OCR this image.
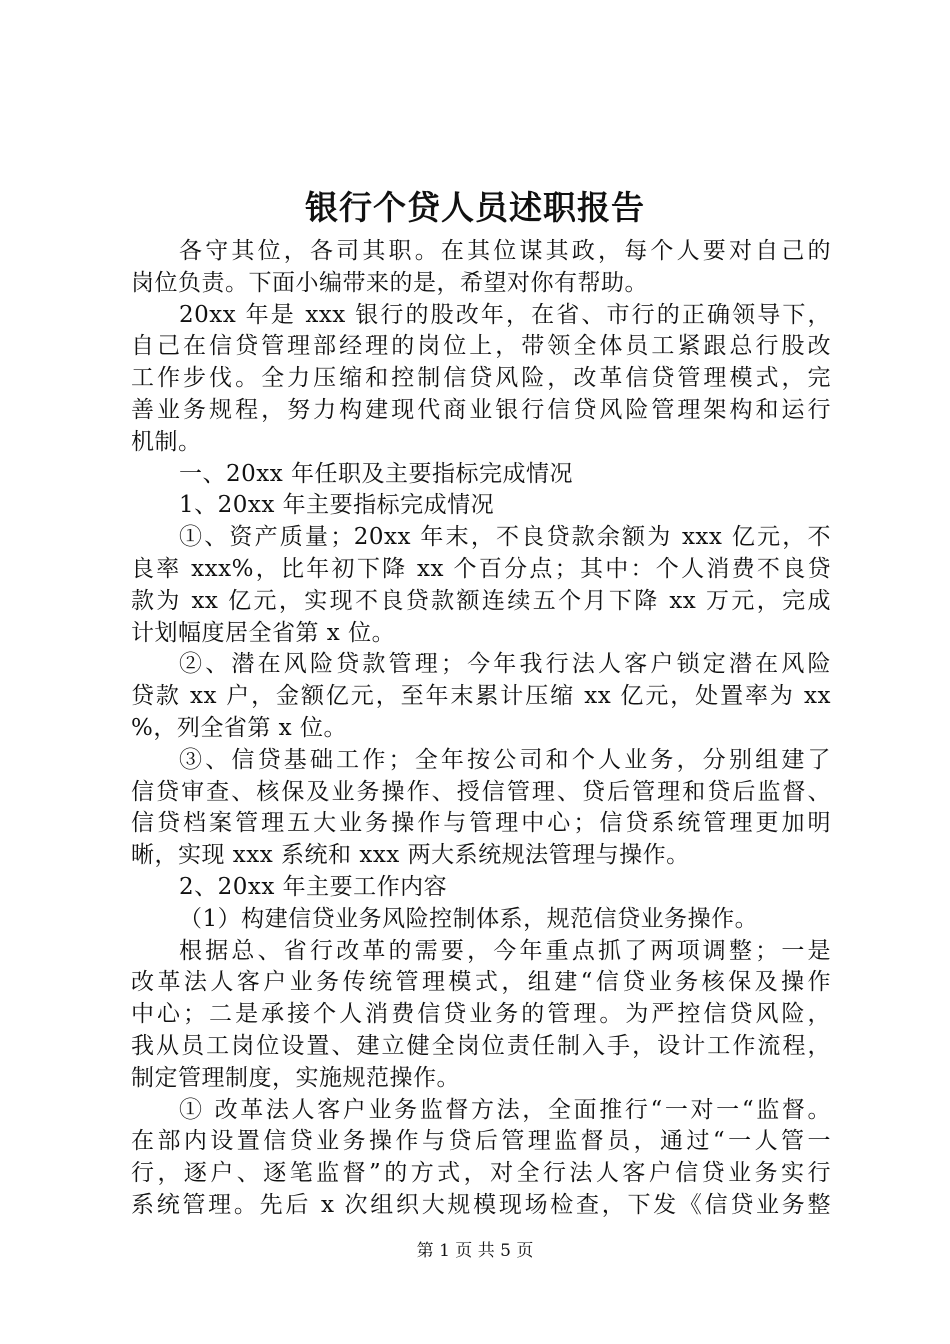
银行个贷人员述职报告
各守其位，各司其职。在其位谋其政，每个人要对自己的
岗位负责。下面小编带来的是，希望对你有帮助。
20xx 年是 xxx 银行的股改年，在省、市行的正确领导下，
自己在信贷管理部经理的岗位上，带领全体员工紧跟总行股改
工作步伐。全力压缩和控制信贷风险，改革信贷管理模式，完
善业务规程，努力构建现代商业银行信贷风险管理架构和运行
机制。
一、20xx 年任职及主要指标完成情况
1、20xx 年主要指标完成情况
①、资产质量；20xx 年末，不良贷款余额为 xxx 亿元，不
良率 xxx%，比年初下降 xx 个百分点；其中：个人消费不良贷
款为 xx 亿元，实现不良贷款额连续五个月下降 xx 万元，完成
计划幅度居全省第 x 位。
②、潜在风险贷款管理；今年我行法人客户锁定潜在风险
贷款 xx 户，金额亿元，至年末累计压缩 xx 亿元，处置率为 xx
%，列全省第 x 位。
③、信贷基础工作；全年按公司和个人业务，分别组建了
信贷审查、核保及业务操作、授信管理、贷后管理和贷后监督、
信贷档案管理五大业务操作与管理中心；信贷系统管理更加明
晰，实现 xxx 系统和 xxx 两大系统规法管理与操作。
2、20xx 年主要工作内容
（1）构建信贷业务风险控制体系，规范信贷业务操作。
根据总、省行改革的需要，今年重点抓了两项调整；一是
改革法人客户业务传统管理模式，组建“信贷业务核保及操作
中心；二是承接个人消费信贷业务的管理。为严控信贷风险，
我从员工岗位设置、建立健全岗位责任制入手，设计工作流程，
制定管理制度，实施规范操作。
① 改革法人客户业务监督方法，全面推行“一对一“监督。
在部内设置信贷业务操作与贷后管理监督员，通过“一人管一
行，逐户、逐笔监督”的方式，对全行法人客户信贷业务实行
系统管理。先后 x 次组织大规模现场检查，下发《信贷业务整
第 1 页 共 5 页
